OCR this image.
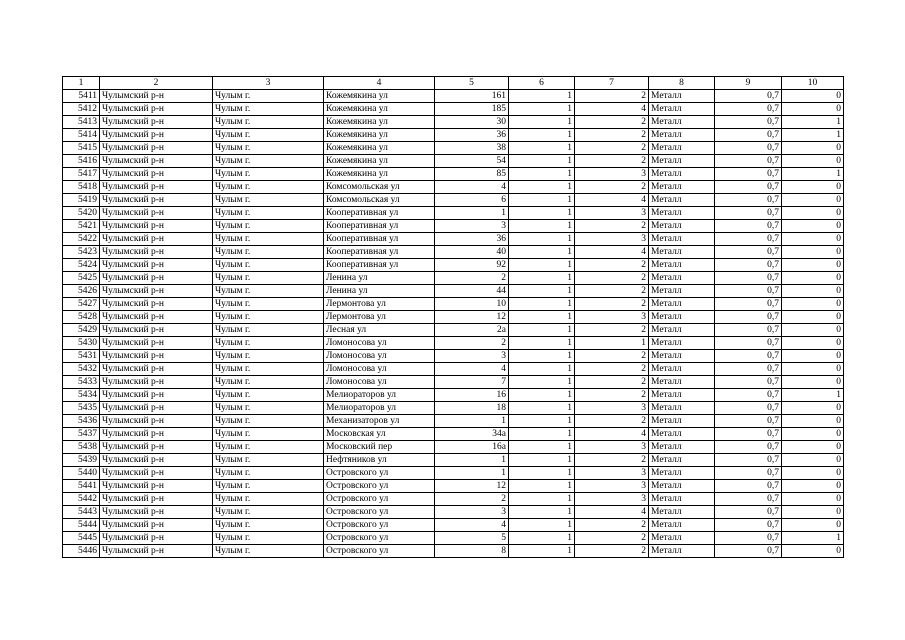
1	2	3	4	5	6	7	8	9	10
5411	Чулымский р-н	Чулым г.	Кожемякина ул	161	1	2	Металл	0,7	0
5412	Чулымский р-н	Чулым г.	Кожемякина ул	185	1	4	Металл	0,7	0
5413	Чулымский р-н	Чулым г.	Кожемякина ул	30	1	2	Металл	0,7	1
5414	Чулымский р-н	Чулым г.	Кожемякина ул	36	1	2	Металл	0,7	1
5415	Чулымский р-н	Чулым г.	Кожемякина ул	38	1	2	Металл	0,7	0
5416	Чулымский р-н	Чулым г.	Кожемякина ул	54	1	2	Металл	0,7	0
5417	Чулымский р-н	Чулым г.	Кожемякина ул	85	1	3	Металл	0,7	1
5418	Чулымский р-н	Чулым г.	Комсомольская ул	4	1	2	Металл	0,7	0
5419	Чулымский р-н	Чулым г.	Комсомольская ул	6	1	4	Металл	0,7	0
5420	Чулымский р-н	Чулым г.	Кооперативная ул	1	1	3	Металл	0,7	0
5421	Чулымский р-н	Чулым г.	Кооперативная ул	3	1	2	Металл	0,7	0
5422	Чулымский р-н	Чулым г.	Кооперативная ул	36	1	3	Металл	0,7	0
5423	Чулымский р-н	Чулым г.	Кооперативная ул	40	1	4	Металл	0,7	0
5424	Чулымский р-н	Чулым г.	Кооперативная ул	92	1	2	Металл	0,7	0
5425	Чулымский р-н	Чулым г.	Ленина ул	2	1	2	Металл	0,7	0
5426	Чулымский р-н	Чулым г.	Ленина ул	44	1	2	Металл	0,7	0
5427	Чулымский р-н	Чулым г.	Лермонтова ул	10	1	2	Металл	0,7	0
5428	Чулымский р-н	Чулым г.	Лермонтова ул	12	1	3	Металл	0,7	0
5429	Чулымский р-н	Чулым г.	Лесная ул	2а	1	2	Металл	0,7	0
5430	Чулымский р-н	Чулым г.	Ломоносова ул	2	1	1	Металл	0,7	0
5431	Чулымский р-н	Чулым г.	Ломоносова ул	3	1	2	Металл	0,7	0
5432	Чулымский р-н	Чулым г.	Ломоносова ул	4	1	2	Металл	0,7	0
5433	Чулымский р-н	Чулым г.	Ломоносова ул	7	1	2	Металл	0,7	0
5434	Чулымский р-н	Чулым г.	Мелиораторов ул	16	1	2	Металл	0,7	1
5435	Чулымский р-н	Чулым г.	Мелиораторов ул	18	1	3	Металл	0,7	0
5436	Чулымский р-н	Чулым г.	Механизаторов ул	1	1	2	Металл	0,7	0
5437	Чулымский р-н	Чулым г.	Московская ул	34а	1	4	Металл	0,7	0
5438	Чулымский р-н	Чулым г.	Московский пер	16а	1	3	Металл	0,7	0
5439	Чулымский р-н	Чулым г.	Нефтяников ул	1	1	2	Металл	0,7	0
5440	Чулымский р-н	Чулым г.	Островского ул	1	1	3	Металл	0,7	0
5441	Чулымский р-н	Чулым г.	Островского ул	12	1	3	Металл	0,7	0
5442	Чулымский р-н	Чулым г.	Островского ул	2	1	3	Металл	0,7	0
5443	Чулымский р-н	Чулым г.	Островского ул	3	1	4	Металл	0,7	0
5444	Чулымский р-н	Чулым г.	Островского ул	4	1	2	Металл	0,7	0
5445	Чулымский р-н	Чулым г.	Островского ул	5	1	2	Металл	0,7	1
5446	Чулымский р-н	Чулым г.	Островского ул	8	1	2	Металл	0,7	0
